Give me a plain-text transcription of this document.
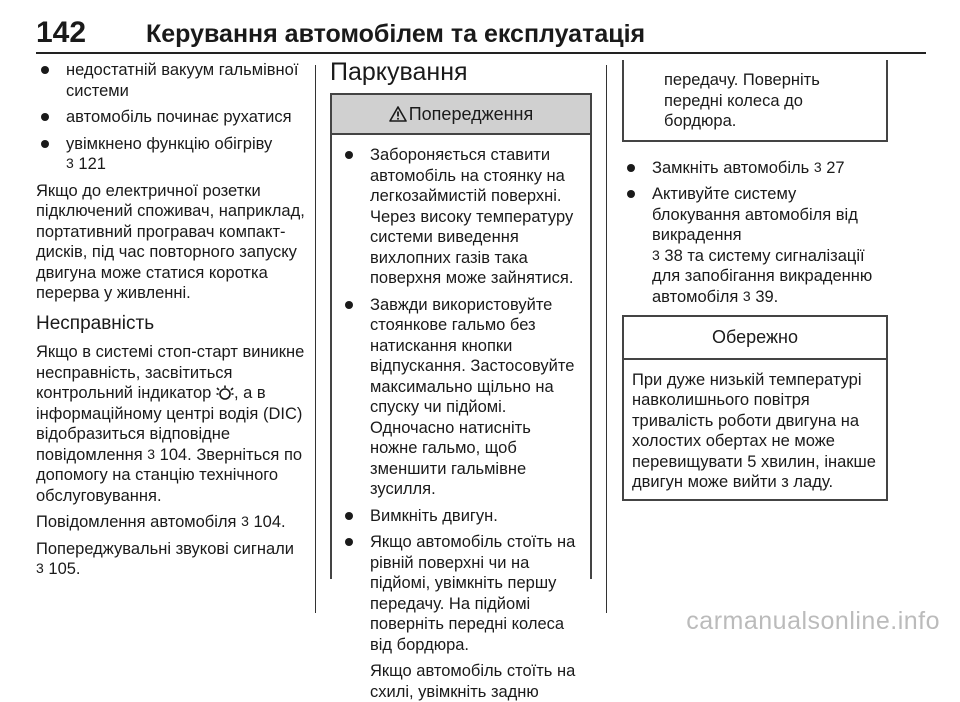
142 Керування автомобілем та експлуатація
недостатній вакуум гальмівної системи
автомобіль починає рухатися
увімкнено функцію обігріву
3 121

Якщо до електричної розетки підключений споживач, наприклад, портативний програвач компакт-дисків, під час повторного запуску двигуна може статися коротка перерва у живленні.

Несправність

Якщо в системі стоп-старт виникне несправність, засвітиться контрольний індикатор , а в інформаційному центрі водія (DIC) відобразиться відповідне повідомлення 3 104. Зверніться по допомогу на станцію технічного обслуговування.

Повідомлення автомобіля 3 104.

Попереджувальні звукові сигнали
3 105.

Паркування
Попередження
Забороняється ставити автомобіль на стоянку на легкозаймистій поверхні. Через високу температуру системи виведення вихлопних газів така поверхня може зайнятися.
Завжди використовуйте стоянкове гальмо без натискання кнопки відпускання. Застосовуйте максимально щільно на спуску чи підйомі. Одночасно натисніть ножне гальмо, щоб зменшити гальмівне зусилля.
Вимкніть двигун.
Якщо автомобіль стоїть на рівній поверхні чи на підйомі, увімкніть першу передачу. На підйомі поверніть передні колеса від бордюра.

Якщо автомобіль стоїть на схилі, увімкніть задню

передачу. Поверніть передні колеса до бордюра.
Замкніть автомобіль 3 27
Активуйте систему блокування автомобіля від викрадення
3 38 та систему сигналізації для запобігання викраденню автомобіля 3 39.
Обережно
При дуже низькій температурі навколишнього повітря тривалість роботи двигуна на холостих обертах не може перевищувати 5 хвилин, інакше двигун може вийти з ладу.
carmanualsonline.info
